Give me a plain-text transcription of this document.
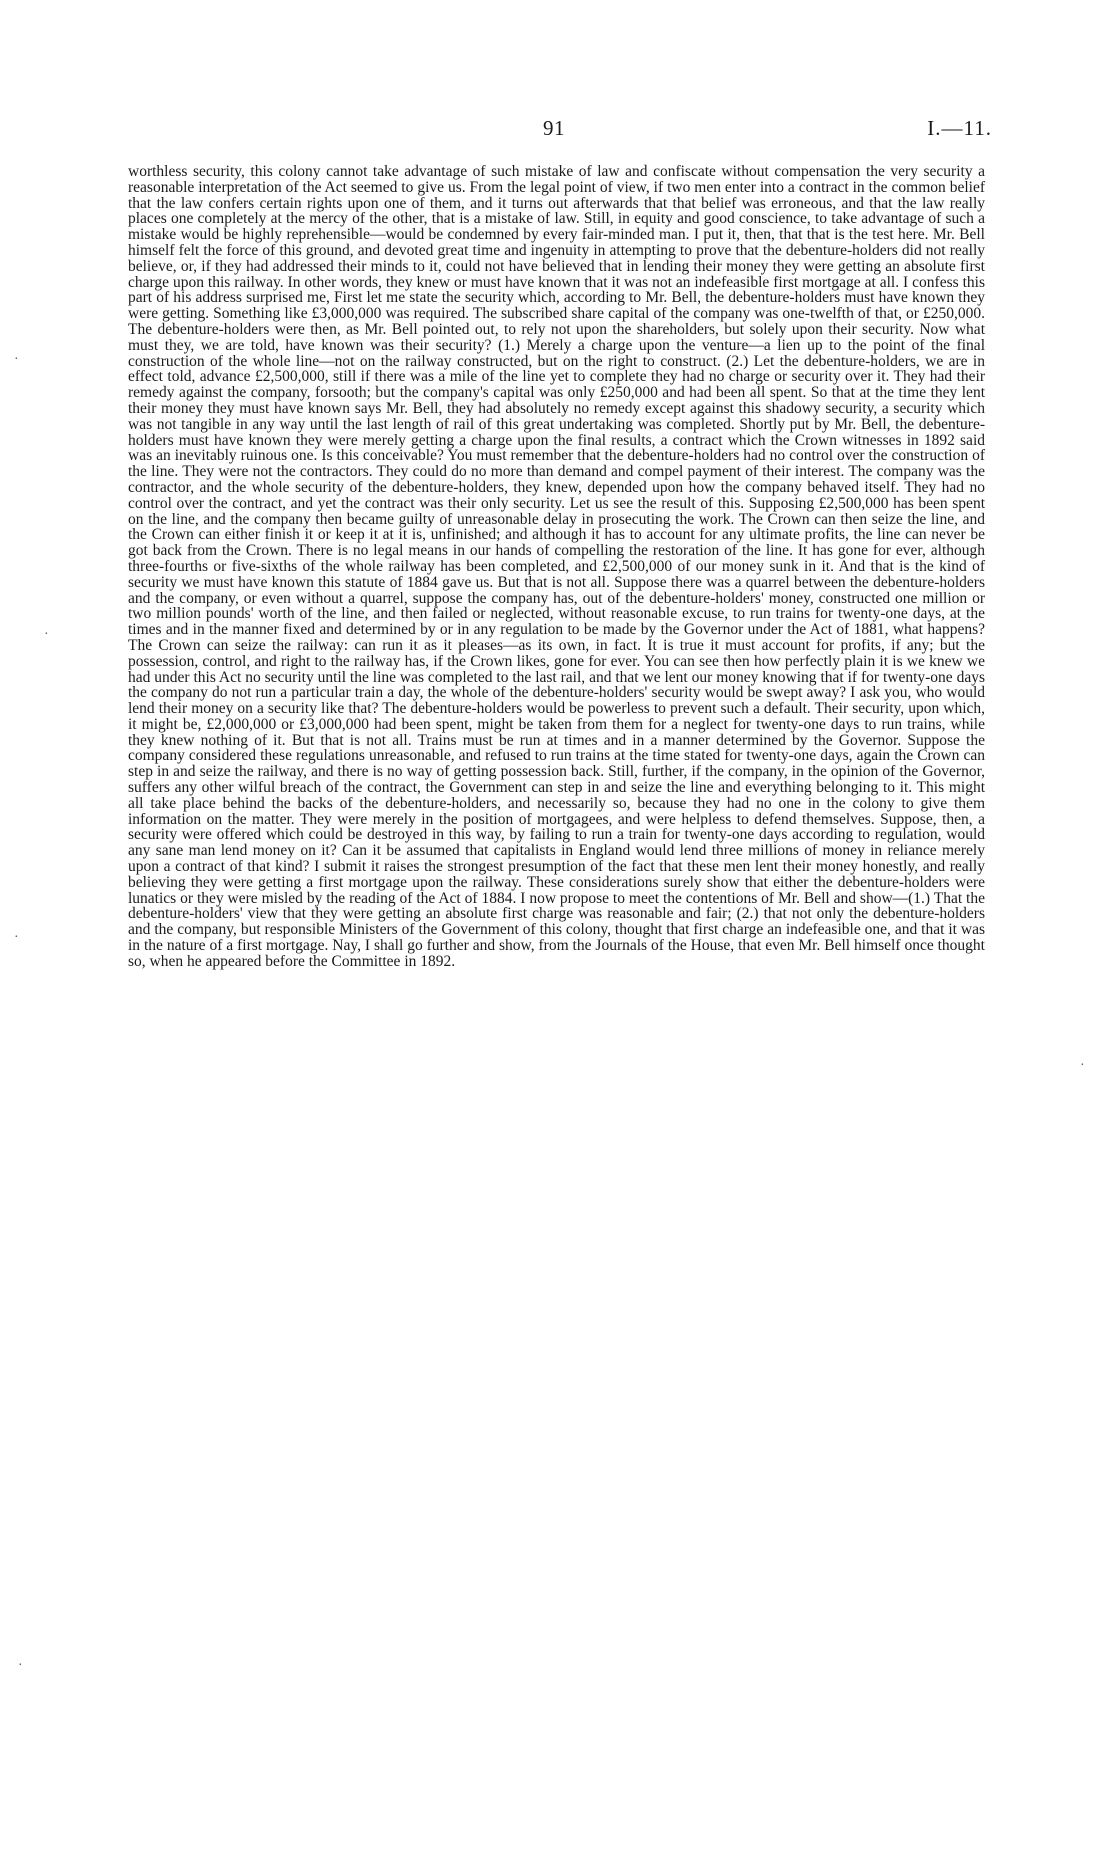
91	I.—11.

worthless security, this colony cannot take advantage of such mistake of law and confiscate without compensation the very security a reasonable interpretation of the Act seemed to give us. From the legal point of view, if two men enter into a contract in the common belief that the law confers certain rights upon one of them, and it turns out afterwards that that belief was erroneous, and that the law really places one completely at the mercy of the other, that is a mistake of law. Still, in equity and good conscience, to take advantage of such a mistake would be highly reprehensible—would be condemned by every fair-minded man. I put it, then, that that is the test here. Mr. Bell himself felt the force of this ground, and devoted great time and ingenuity in attempting to prove that the debenture-holders did not really believe, or, if they had addressed their minds to it, could not have believed that in lending their money they were getting an absolute first charge upon this railway. In other words, they knew or must have known that it was not an indefeasible first mortgage at all. I confess this part of his address surprised me, First let me state the security which, according to Mr. Bell, the debenture-holders must have known they were getting. Something like £3,000,000 was required. The subscribed share capital of the company was one-twelfth of that, or £250,000. The debenture-holders were then, as Mr. Bell pointed out, to rely not upon the shareholders, but solely upon their security. Now what must they, we are told, have known was their security? (1.) Merely a charge upon the venture—a lien up to the point of the final construction of the whole line—not on the railway constructed, but on the right to construct. (2.) Let the debenture-holders, we are in effect told, advance £2,500,000, still if there was a mile of the line yet to complete they had no charge or security over it. They had their remedy against the company, forsooth; but the company's capital was only £250,000 and had been all spent. So that at the time they lent their money they must have known says Mr. Bell, they had absolutely no remedy except against this shadowy security, a security which was not tangible in any way until the last length of rail of this great undertaking was completed. Shortly put by Mr. Bell, the debenture-holders must have known they were merely getting a charge upon the final results, a contract which the Crown witnesses in 1892 said was an inevitably ruinous one. Is this conceivable? You must remember that the debenture-holders had no control over the construction of the line. They were not the contractors. They could do no more than demand and compel payment of their interest. The company was the contractor, and the whole security of the debenture-holders, they knew, depended upon how the company behaved itself. They had no control over the contract, and yet the contract was their only security. Let us see the result of this. Supposing £2,500,000 has been spent on the line, and the company then became guilty of unreasonable delay in prosecuting the work. The Crown can then seize the line, and the Crown can either finish it or keep it at it is, unfinished; and although it has to account for any ultimate profits, the line can never be got back from the Crown. There is no legal means in our hands of compelling the restoration of the line. It has gone for ever, although three-fourths or five-sixths of the whole railway has been completed, and £2,500,000 of our money sunk in it. And that is the kind of security we must have known this statute of 1884 gave us. But that is not all. Suppose there was a quarrel between the debenture-holders and the company, or even without a quarrel, suppose the company has, out of the debenture-holders' money, constructed one million or two million pounds' worth of the line, and then failed or neglected, without reasonable excuse, to run trains for twenty-one days, at the times and in the manner fixed and determined by or in any regulation to be made by the Governor under the Act of 1881, what happens? The Crown can seize the railway: can run it as it pleases—as its own, in fact. It is true it must account for profits, if any; but the possession, control, and right to the railway has, if the Crown likes, gone for ever. You can see then how perfectly plain it is we knew we had under this Act no security until the line was completed to the last rail, and that we lent our money knowing that if for twenty-one days the company do not run a particular train a day, the whole of the debenture-holders' security would be swept away? I ask you, who would lend their money on a security like that? The debenture-holders would be powerless to prevent such a default. Their security, upon which, it might be, £2,000,000 or £3,000,000 had been spent, might be taken from them for a neglect for twenty-one days to run trains, while they knew nothing of it. But that is not all. Trains must be run at times and in a manner determined by the Governor. Suppose the company considered these regulations unreasonable, and refused to run trains at the time stated for twenty-one days, again the Crown can step in and seize the railway, and there is no way of getting possession back. Still, further, if the company, in the opinion of the Governor, suffers any other wilful breach of the contract, the Government can step in and seize the line and everything belonging to it. This might all take place behind the backs of the debenture-holders, and necessarily so, because they had no one in the colony to give them information on the matter. They were merely in the position of mortgagees, and were helpless to defend themselves. Suppose, then, a security were offered which could be destroyed in this way, by failing to run a train for twenty-one days according to regulation, would any sane man lend money on it? Can it be assumed that capitalists in England would lend three millions of money in reliance merely upon a contract of that kind? I submit it raises the strongest presumption of the fact that these men lent their money honestly, and really believing they were getting a first mortgage upon the railway. These considerations surely show that either the debenture-holders were lunatics or they were misled by the reading of the Act of 1884. I now propose to meet the contentions of Mr. Bell and show—(1.) That the debenture-holders' view that they were getting an absolute first charge was reasonable and fair; (2.) that not only the debenture-holders and the company, but responsible Ministers of the Government of this colony, thought that first charge an indefeasible one, and that it was in the nature of a first mortgage. Nay, I shall go further and show, from the Journals of the House, that even Mr. Bell himself once thought so, when he appeared before the Committee in 1892.

·
·
·
·
·
